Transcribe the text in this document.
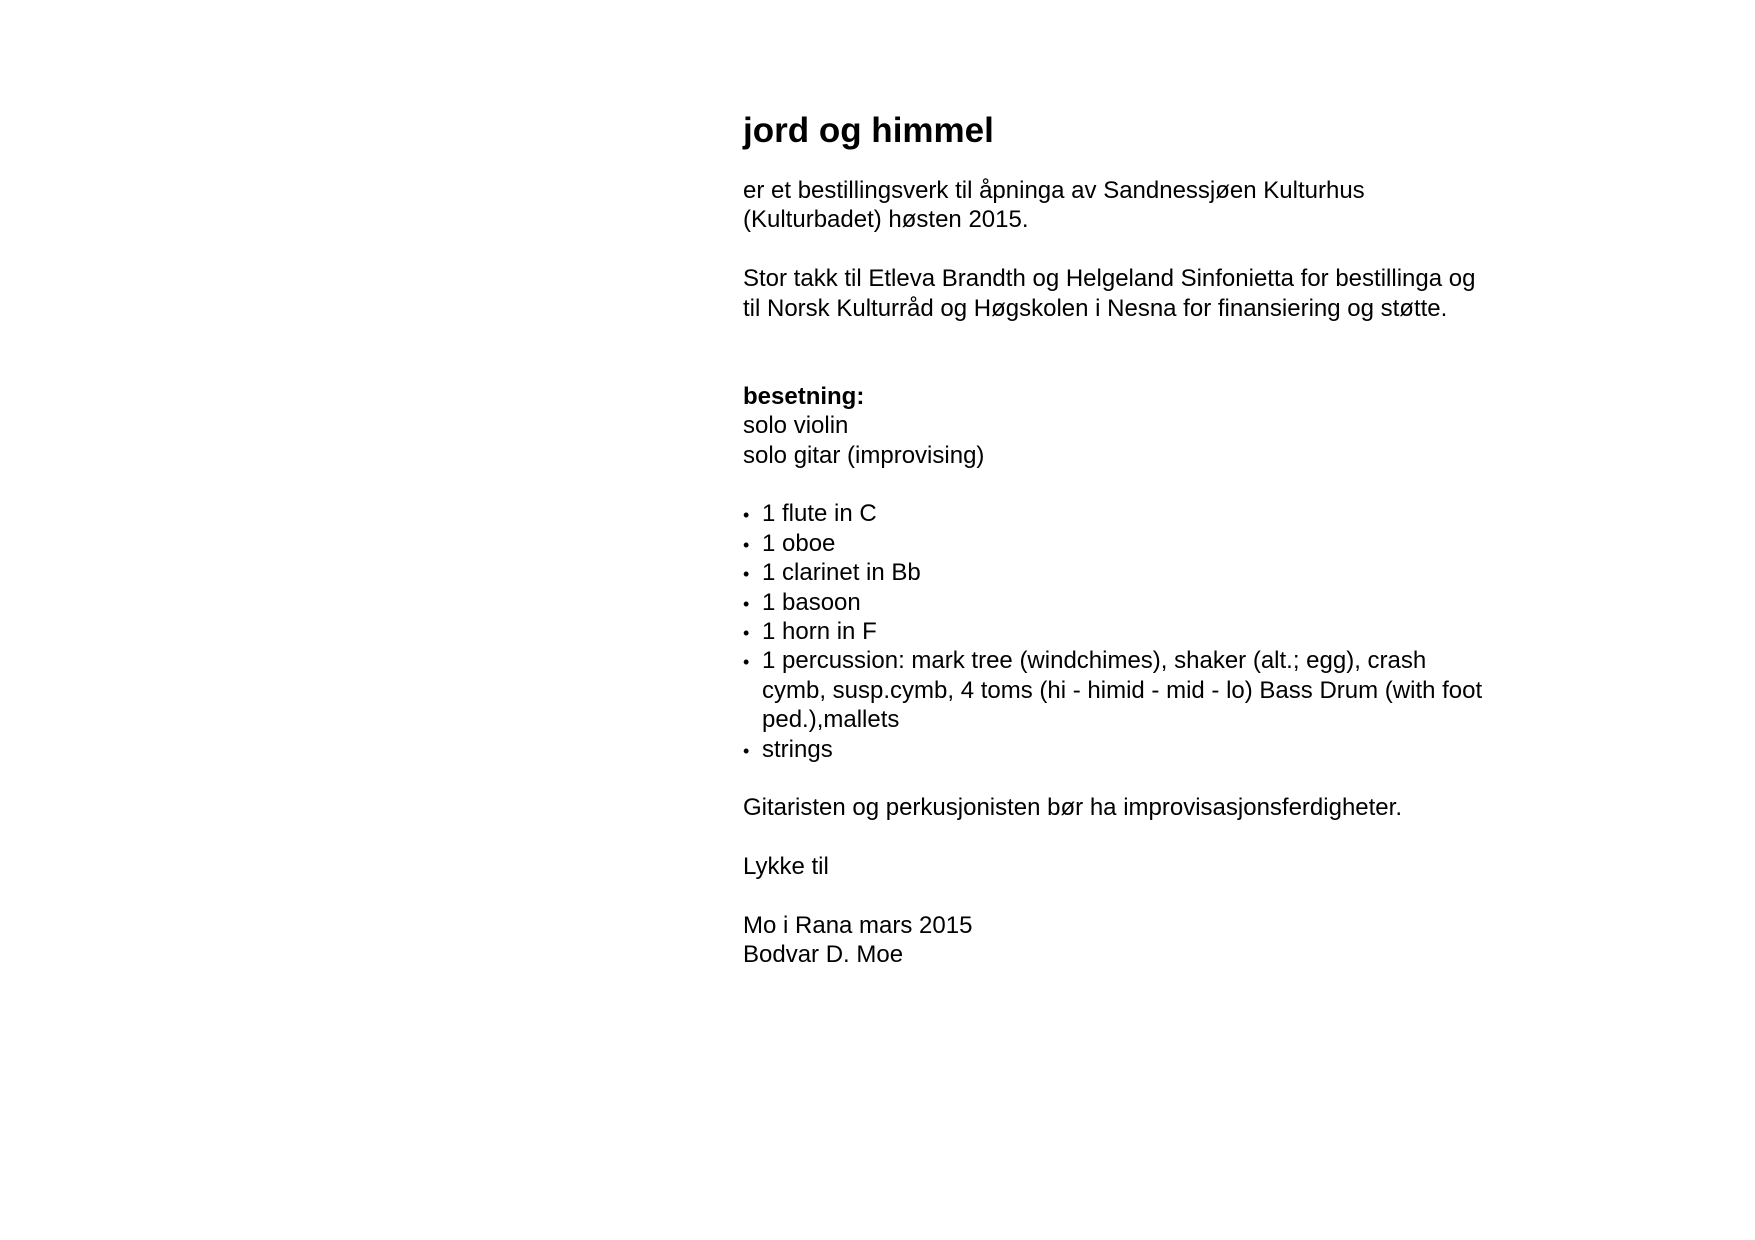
jord og himmel

er et bestillingsverk til åpninga av Sandnessjøen Kulturhus

(Kulturbadet) høsten 2015.

Stor takk til Etleva Brandth og Helgeland Sinfonietta for bestillinga og

til Norsk Kulturråd og Høgskolen i Nesna for finansiering og støtte.

besetning:

solo violin

solo gitar (improvising)

•
1 flute in C
•
1 oboe
•
1 clarinet in Bb
•
1 basoon
•
1 horn in F
•
1 percussion: mark tree (windchimes), shaker (alt.; egg), crash cymb, susp.cymb, 4 toms (hi - himid - mid - lo) Bass Drum (with foot ped.),mallets
•
strings

Gitaristen og perkusjonisten bør ha improvisasjonsferdigheter.

Lykke til

Mo i Rana mars 2015

Bodvar D. Moe
